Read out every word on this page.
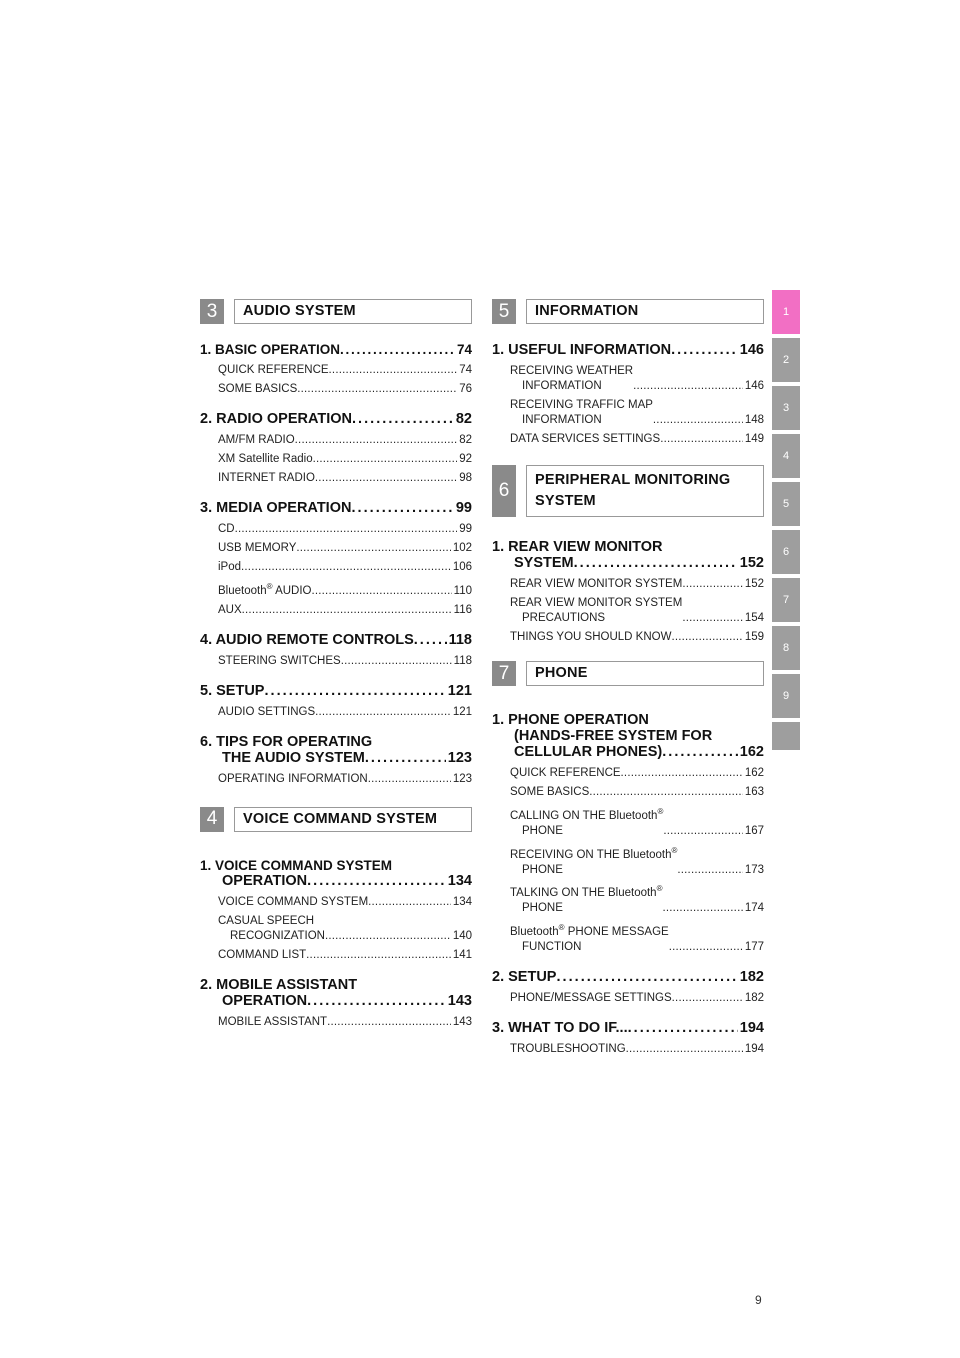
3	AUDIO SYSTEM
1. BASIC OPERATION . . .	74
QUICK REFERENCE . . .	74
SOME BASICS . . .	76
2. RADIO OPERATION . . .	82
AM/FM RADIO . . .	82
XM Satellite Radio . . .	92
INTERNET RADIO . . .	98
3. MEDIA OPERATION . . .	99
CD . . .	99
USB MEMORY . . .	102
iPod . . .	106
Bluetooth® AUDIO . . .	110
AUX . . .	116
4. AUDIO REMOTE CONTROLS . . . 118
STEERING SWITCHES . . .	118
5. SETUP . . .	121
AUDIO SETTINGS . . .	121
6. TIPS FOR OPERATING
THE AUDIO SYSTEM . . .	123
OPERATING INFORMATION . . .	123
4	VOICE COMMAND SYSTEM
1. VOICE COMMAND SYSTEM
OPERATION . . .	134
VOICE COMMAND SYSTEM . . .	134
CASUAL SPEECH
RECOGNIZATION . . .	140
COMMAND LIST . . .	141
2. MOBILE ASSISTANT
OPERATION . . .	143
MOBILE ASSISTANT . . .	143
5	INFORMATION
1. USEFUL INFORMATION . . .	146
RECEIVING WEATHER
INFORMATION . . .	146
RECEIVING TRAFFIC MAP
INFORMATION . . .	148
DATA SERVICES SETTINGS . . .	149
6	PERIPHERAL MONITORING
SYSTEM
1. REAR VIEW MONITOR
SYSTEM . . .	152
REAR VIEW MONITOR SYSTEM . . .	152
REAR VIEW MONITOR SYSTEM
PRECAUTIONS . . .	154
THINGS YOU SHOULD KNOW . . .	159
7	PHONE
1. PHONE OPERATION
(HANDS-FREE SYSTEM FOR
CELLULAR PHONES) . . .	162
QUICK REFERENCE . . .	162
SOME BASICS . . .	163
CALLING ON THE Bluetooth®
PHONE . . .	167
RECEIVING ON THE Bluetooth®
PHONE . . .	173
TALKING ON THE Bluetooth®
PHONE . . .	174
Bluetooth® PHONE MESSAGE
FUNCTION . . .	177
2. SETUP . . .	182
PHONE/MESSAGE SETTINGS . . .	182
3. WHAT TO DO IF... . . .	194
TROUBLESHOOTING . . .	194
1
2
3
4
5
6
7
8
9
9
